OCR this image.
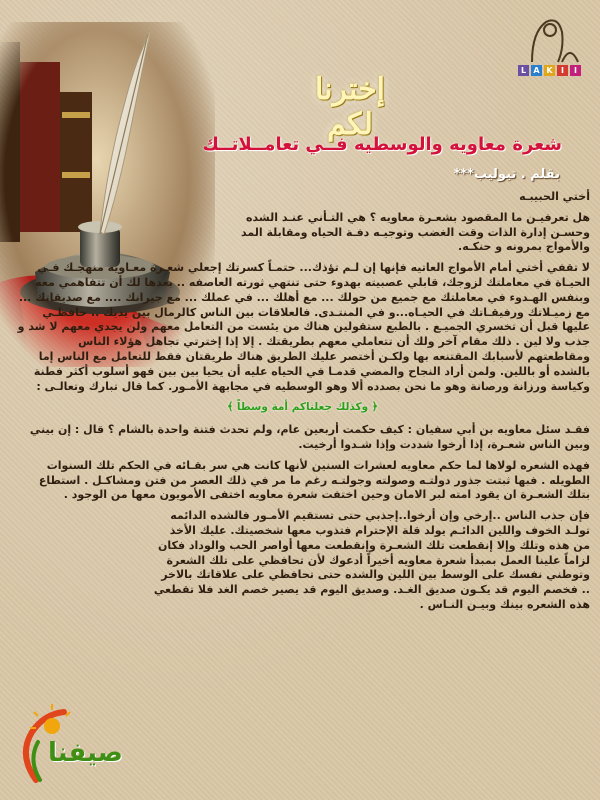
L A K	I	I
إخترنا لكم
شعرة معاويه والوسطيه فــي تعامــلاتــك
بقلم . تيوليب***

أختي الحبيبـه

هل تعرفيـن ما المقصود بشعـرة معاويه ؟ هي التـأني عنـد الشده وحسـن إدارة الذات وقت الغضب وتوجيـه دفـة الحياه ومقابلة المد والأمواج بمرونه و حنكـه.

لا تقفي أختي أمام الأمواج العاتيه فإنها إن لـم تؤذك... حتمـاً كسرتك إجعلي شعـرة معـاويه منهجـك فـي الحيـاة في معاملتك لزوجك، قابلي عصبيته بهدوء حتى تنتهي ثورته العاصفه .. بعدها لك أن تتفاهمي معه وبنفس الهـدوء في معاملتك مع جميع من حولك ... مع أهلك ... في عملك ... مع جيرانك .... مع صديقاتك ... مع زميـلاتك ورفيقـاتك في الحيـاه...و في المنتـدى. فالعلاقات بين الناس كالرمال بين يديك .. حافظـي عليها قبل أن تخسري الجميـع . بالطبع ستقولين هناك من يئست من التعامل معهم ولن يجدي معهم لا شد و جذب ولا لين . ذلك مقام آخر ولك أن تتعاملي معهم بطريقتك . إلا إذا إخترتي تجاهل هؤلاء الناس ومقاطعتهم لأسبابك المقتنعه بها ولكـن أختصر عليك الطريق هناك طريقتان فقط للتعامل مع الناس إما بالشده أو باللين. ولمن أراد النجاح والمضي قدمـا في الحياه عليه أن يحيا بين بين فهو أسلوب أكثر فطنة وكياسة ورزانة ورصانة وهو ما نحن بصدده ألا وهو الوسطيه في مجابهة الأمـور. كما قال تبارك وتعالـى :

﴿ وكذلك جعلناكم أمة وسطاً ﴾

فقـد سئل معاويه بن أبي سفيان : كيف حكمت أربعين عام، ولم تحدث فتنة واحدة بالشام ؟ قال : إن بيني وبين الناس شعـرة، إذا أرخوا شددت وإذا شـدوا أرخيت.

فهذه الشعره لولاها لما حكم معاويه لعشرات السنين لأنها كانت هي سر بقـائه في الحكم تلك السنوات الطويله . فبها ثبتت جذور دولتـه وصولته وجولتـه رغم ما مر في ذلك العصر من فتن ومشاكـل . استطاع بتلك الشعـرة ان يقود امته لبر الامان وحين اختفت شعرة معاويه اختفى الأمويون معها من الوجود .

فإن جذب الناس ..إرخي وإن أرخوا..إجذبي حتى تستقيم الأمـور فالشده الدائمه تولـد الخوف واللين الدائـم يولد قلة الإحترام فتذوب معها شخصيتك. عليك الأخذ من هذه وتلك وإلا إنقطعت تلك الشعـرة وإنقطعت معها أواصر الحب والوداد فكان لزاماً علينا العمل بمبدأ شعرة معاويه أخيراً أدعوك لأن تحافظي على تلك الشعرة وتوطني نفسك على الوسط بين اللين والشده حتى تحافظي على علاقاتك بالاخر .. فخصم اليوم قد يكـون صديق الغـد. وصديق اليوم قد يصير خصم الغد فلا تقطعي هذه الشعره بينك وبيـن النـاس .

صيفنا
